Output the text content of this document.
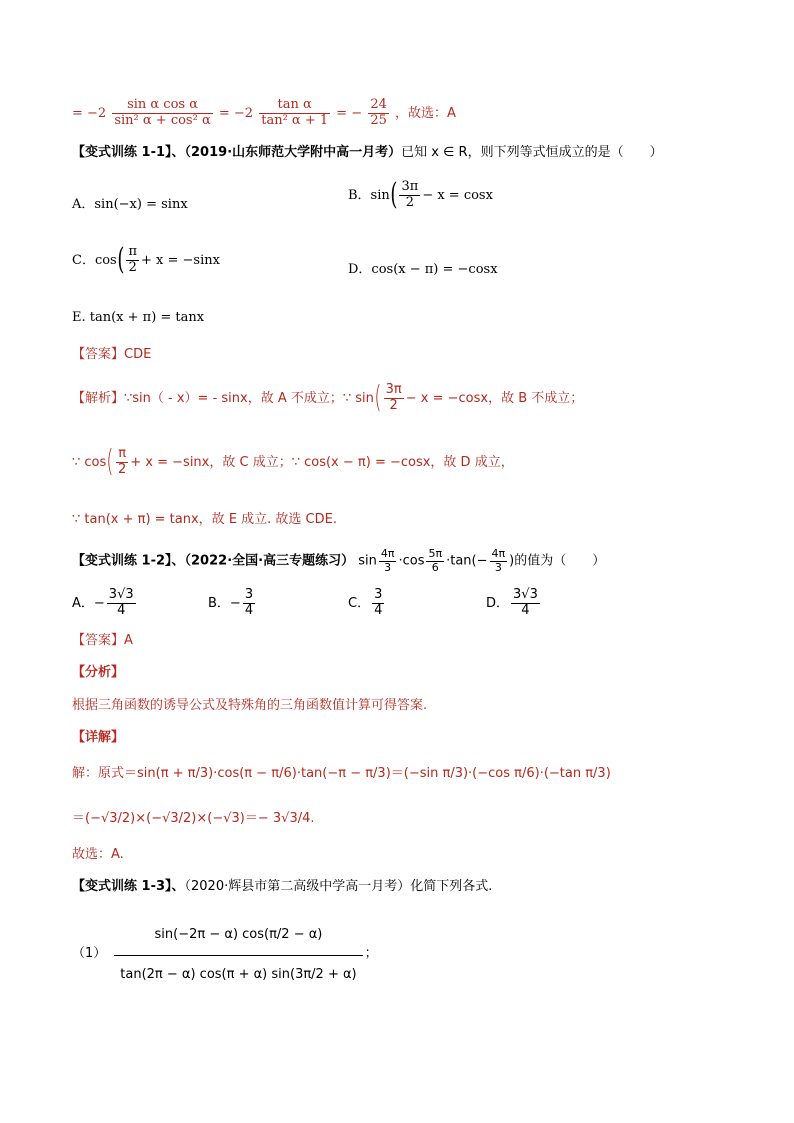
= $-2 \frac{\text{sin α cos α}}{\text{sin² α + cos² α}} = -2 \frac{\text{tan α}}{\text{tan² α + 1}}$ = − $\frac{24}{25}$ ，故选：A
【变式训练 1-1】、（2019·山东师范大学附中高一月考）已知 x ∈ R，则下列等式恒成立的是（　　）
A．sin(−x) = sinx
B．$\sin( \frac{3\pi}{2} - x = \cos x$
C．$\cos( \frac{\pi}{2} + x = -\sin x$
D．cos(x − π) = −cosx
E. tan(x + π) = tanx
【答案】CDE
【解析】∵sin（ - x）= - sinx，故 A 不成立；∵ $\sin( \frac{3\pi}{2} - x = -\cos x$，故 B 不成立；
∵ $\cos( \frac{\pi}{2} + x = -\sin x$，故 C 成立；∵ cos(x − π) = −cosx，故 D 成立，
∵ tan(x + π) = tanx，故 E 成立. 故选 CDE.
【变式训练 1-2】、（2022·全国·高三专题练习） $\sin \frac{4\pi}{3} \cdot\cos \frac{5\pi}{6} \cdot\tan(- \frac{4\pi}{3}$ )的值为（　　）
A．− $\frac{3√3}{4}$	B．− $\frac{3}{4}$	C． $\frac{3}{4}$	D． $\frac{3√3}{4}$
【答案】A
【分析】
根据三角函数的诱导公式及特殊角的三角函数值计算可得答案.
【详解】
解：原式＝sin(π + π/3)·cos(π − π/6)·tan(−π − π/3)＝(−sin π/3)·(−cos π/6)·(−tan π/3)
＝(−√3/2)×(−√3/2)×(−√3)＝− 3√3/4.
故选：A.
【变式训练 1-3】、（2020·辉县市第二高级中学高一月考）化简下列各式.
$(1) \frac{\sin(-2\pi - \alpha) \cos(\pi/2 - \alpha)}{\tan(2\pi - \alpha) \cos(\pi + \alpha) \sin(3\pi/2 + \alpha)}$ ；
